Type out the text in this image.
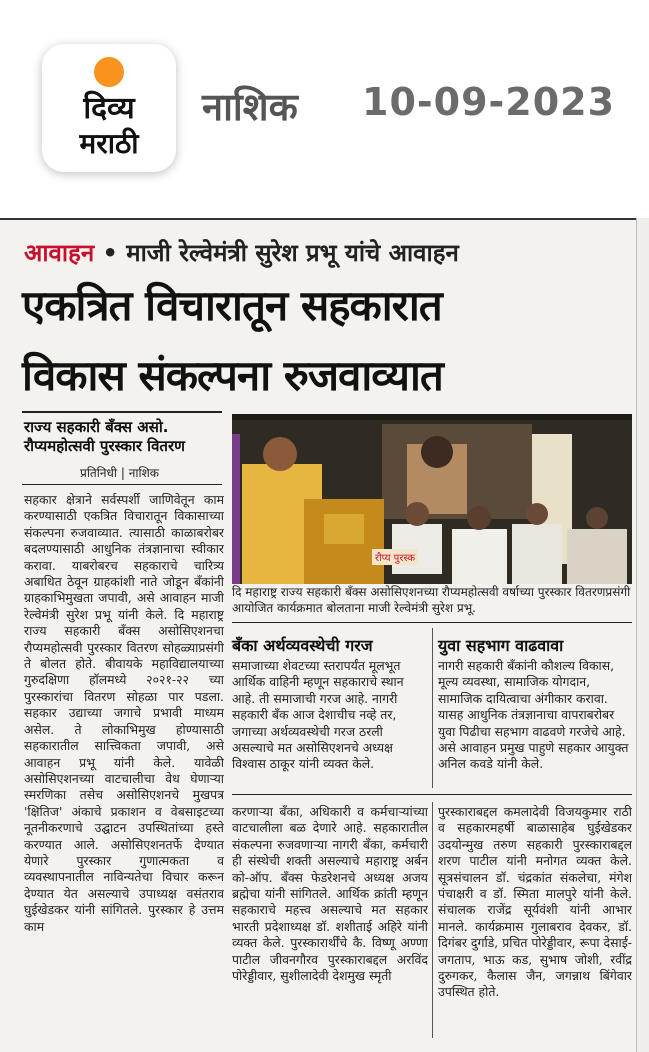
दिव्य
मराठी
नाशिक 10-09-2023
आवाहन • माजी रेल्वेमंत्री सुरेश प्रभू यांचे आवाहन
एकत्रित विचारातून सहकारात
विकास संकल्पना रुजवाव्यात
राज्य सहकारी बँक्स असो. रौप्यमहोत्सवी पुरस्कार वितरण
प्रतिनिधी | नाशिक
सहकार क्षेत्राने सर्वस्पर्शी जाणिवेतून काम करण्यासाठी एकत्रित विचारातून विकासाच्या संकल्पना रुजवाव्यात. त्यासाठी काळाबरोबर बदलण्यासाठी आधुनिक तंत्रज्ञानाचा स्वीकार करावा. याबरोबरच सहकाराचे चारित्र्य अबाधित ठेवून ग्राहकांशी नाते जोडून बँकांनी ग्राहकाभिमुखता जपावी, असे आवाहन माजी रेल्वेमंत्री सुरेश प्रभू यांनी केले. दि महाराष्ट्र राज्य सहकारी बँक्स असोसिएशनचा रौप्यमहोत्सवी पुरस्कार वितरण सोहळ्याप्रसंगी ते बोलत होते. बीवायके महाविद्यालयाच्या गुरुदक्षिणा हॉलमध्ये २०२१-२२ च्या पुरस्कारांचा वितरण सोहळा पार पडला. सहकार उद्याच्या जगाचे प्रभावी माध्यम असेल. ते लोकाभिमुख होण्यासाठी सहकारातील सात्त्विकता जपावी, असे आवाहन प्रभू यांनी केले. यावेळी असोसिएशनच्या वाटचालीचा वेध घेणाऱ्या स्मरणिका तसेच असोसिएशनचे मुखपत्र 'क्षितिज' अंकाचे प्रकाशन व वेबसाइटच्या नूतनीकरणाचे उद्घाटन उपस्थितांच्या हस्ते करण्यात आले. असोसिएशनतर्फे देण्यात येणारे पुरस्कार गुणात्मकता व व्यवस्थापनातील नाविन्यतेचा विचार करून देण्यात येत असल्याचे उपाध्यक्ष वसंतराव घुईखेडकर यांनी सांगितले. पुरस्कार हे उत्तम काम
रौप्य पुरस्क
दि महाराष्ट्र राज्य सहकारी बँक्स असोसिएशनच्या रौप्यमहोत्सवी वर्षाच्या पुरस्कार वितरणप्रसंगी आयोजित कार्यक्रमात बोलताना माजी रेल्वेमंत्री सुरेश प्रभू.
बँका अर्थव्यवस्थेची गरज
समाजाच्या शेवटच्या स्तरापर्यंत मूलभूत आर्थिक वाहिनी म्हणून सहकाराचे स्थान आहे. ती समाजाची गरज आहे. नागरी सहकारी बँक आज देशाचीच नव्हे तर, जगाच्या अर्थव्यवस्थेची गरज ठरली असल्याचे मत असोसिएशनचे अध्यक्ष विश्वास ठाकूर यांनी व्यक्त केले.
युवा सहभाग वाढवावा
नागरी सहकारी बँकांनी कौशल्य विकास, मूल्य व्यवस्था, सामाजिक योगदान, सामाजिक दायित्वाचा अंगीकार करावा. यासह आधुनिक तंत्रज्ञानाचा वापराबरोबर युवा पिढीचा सहभाग वाढवणे गरजेचे आहे. असे आवाहन प्रमुख पाहुणे सहकार आयुक्त अनिल कवडे यांनी केले.
करणाऱ्या बँका, अधिकारी व कर्मचाऱ्यांच्या वाटचालीला बळ देणारे आहे. सहकारातील संकल्पना रुजवणाऱ्या नागरी बँका, कर्मचारी ही संस्थेची शक्ती असल्याचे महाराष्ट्र अर्बन को-ऑप. बँक्स फेडरेशनचे अध्यक्ष अजय ब्रह्मेचा यांनी सांगितले. आर्थिक क्रांती म्हणून सहकाराचे महत्त्व असल्याचे मत सहकार भारती प्रदेशाध्यक्ष डॉ. शशीताई अहिरे यांनी व्यक्त केले. पुरस्कारार्थींचे कै. विष्णू अण्णा पाटील जीवनगौरव पुरस्काराबद्दल अरविंद पोरेड्डीवार, सुशीलादेवी देशमुख स्मृती
पुरस्काराबद्दल कमलादेवी विजयकुमार राठी व सहकारमहर्षी बाळासाहेब घुईखेडकर उदयोन्मुख तरुण सहकारी पुरस्काराबद्दल शरण पाटील यांनी मनोगत व्यक्त केले. सूत्रसंचालन डॉ. चंद्रकांत संकलेचा, मंगेश पंचाक्षरी व डॉ. स्मिता मालपुरे यांनी केले. संचालक राजेंद्र सूर्यवंशी यांनी आभार मानले. कार्यक्रमास गुलाबराव देवकर, डॉ. दिगंबर दुर्गाडे, प्रचित पोरेड्डीवार, रूपा देसाई-जगताप, भाऊ कड, सुभाष जोशी, रवींद्र दुरुगकर, कैलास जैन, जगन्नाथ बिंगेवार उपस्थित होते.
